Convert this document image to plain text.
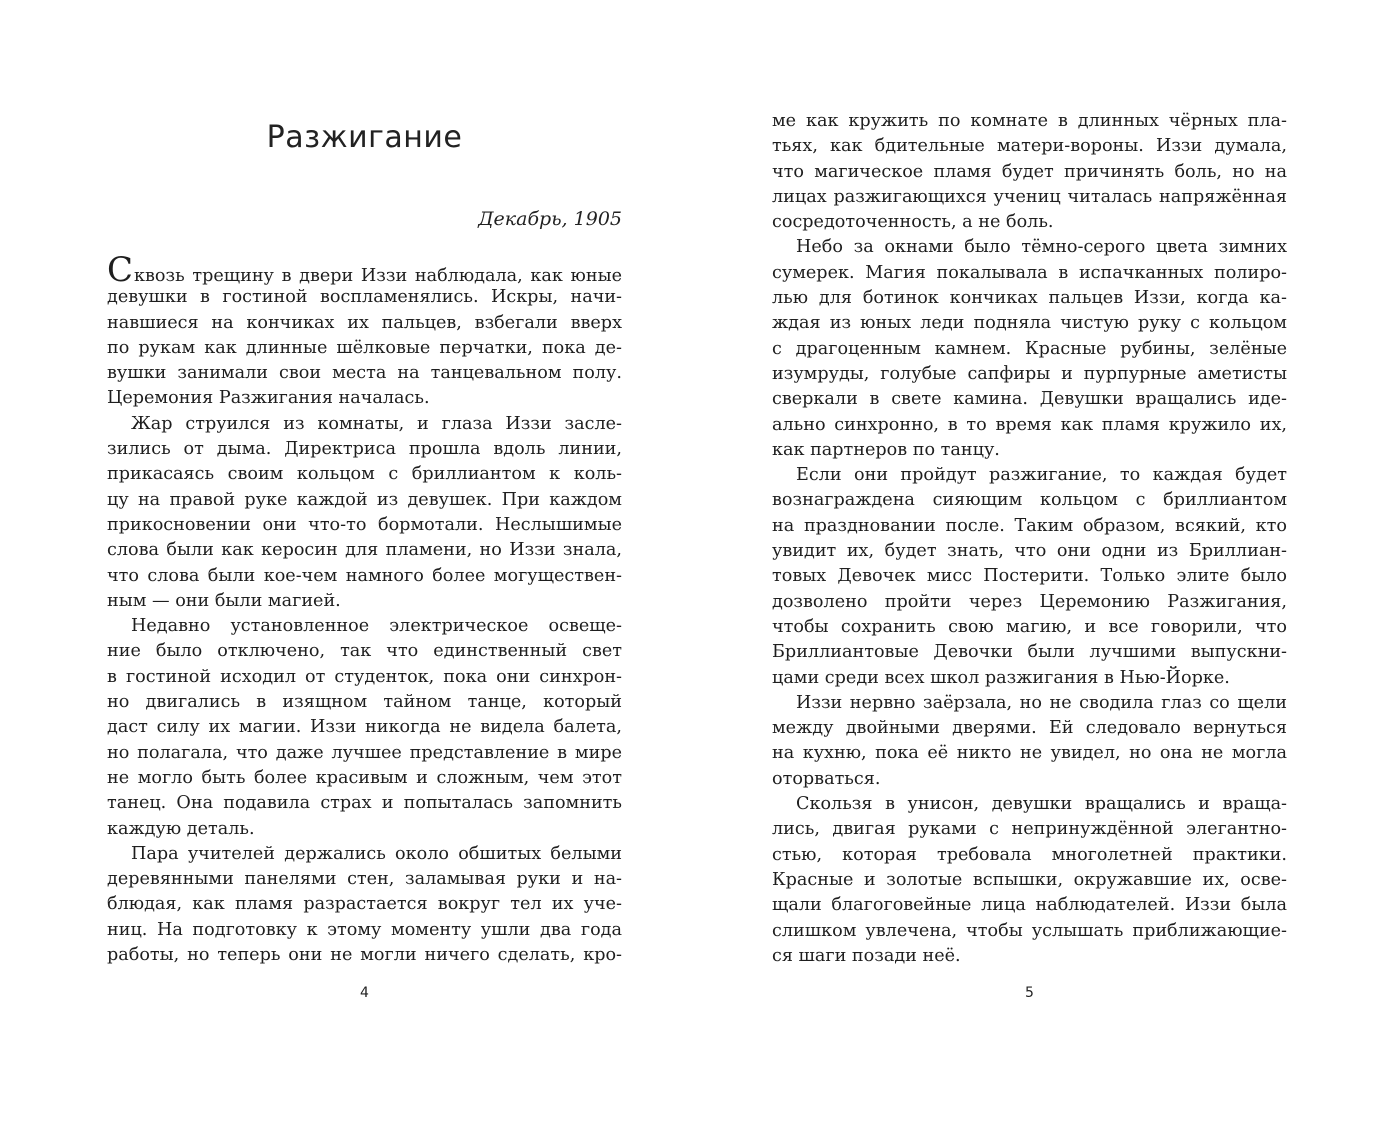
Разжигание
Декабрь, 1905
Сквозь трещину в двери Иззи наблюдала, как юные
девушки в гостиной воспламенялись. Искры, начи-
навшиеся на кончиках их пальцев, взбегали вверх
по рукам как длинные шёлковые перчатки, пока де-
вушки занимали свои места на танцевальном полу.
Церемония Разжигания началась.
Жар струился из комнаты, и глаза Иззи засле-
зились от дыма. Директриса прошла вдоль линии,
прикасаясь своим кольцом с бриллиантом к коль-
цу на правой руке каждой из девушек. При каждом
прикосновении они что-то бормотали. Неслышимые
слова были как керосин для пламени, но Иззи знала,
что слова были кое-чем намного более могуществен-
ным — они были магией.
Недавно установленное электрическое освеще-
ние было отключено, так что единственный свет
в гостиной исходил от студенток, пока они синхрон-
но двигались в изящном тайном танце, который
даст силу их магии. Иззи никогда не видела балета,
но полагала, что даже лучшее представление в мире
не могло быть более красивым и сложным, чем этот
танец. Она подавила страх и попыталась запомнить
каждую деталь.
Пара учителей держались около обшитых белыми
деревянными панелями стен, заламывая руки и на-
блюдая, как пламя разрастается вокруг тел их уче-
ниц. На подготовку к этому моменту ушли два года
работы, но теперь они не могли ничего сделать, кро-
4
ме как кружить по комнате в длинных чёрных пла-
тьях, как бдительные матери-вороны. Иззи думала,
что магическое пламя будет причинять боль, но на
лицах разжигающихся учениц читалась напряжённая
сосредоточенность, а не боль.
Небо за окнами было тёмно-серого цвета зимних
сумерек. Магия покалывала в испачканных полиро-
лью для ботинок кончиках пальцев Иззи, когда ка-
ждая из юных леди подняла чистую руку с кольцом
с драгоценным камнем. Красные рубины, зелёные
изумруды, голубые сапфиры и пурпурные аметисты
сверкали в свете камина. Девушки вращались иде-
ально синхронно, в то время как пламя кружило их,
как партнеров по танцу.
Если они пройдут разжигание, то каждая будет
вознаграждена сияющим кольцом с бриллиантом
на праздновании после. Таким образом, всякий, кто
увидит их, будет знать, что они одни из Бриллиан-
товых Девочек мисс Постерити. Только элите было
дозволено пройти через Церемонию Разжигания,
чтобы сохранить свою магию, и все говорили, что
Бриллиантовые Девочки были лучшими выпускни-
цами среди всех школ разжигания в Нью-Йорке.
Иззи нервно заёрзала, но не сводила глаз со щели
между двойными дверями. Ей следовало вернуться
на кухню, пока её никто не увидел, но она не могла
оторваться.
Скользя в унисон, девушки вращались и враща-
лись, двигая руками с непринуждённой элегантно-
стью, которая требовала многолетней практики.
Красные и золотые вспышки, окружавшие их, осве-
щали благоговейные лица наблюдателей. Иззи была
слишком увлечена, чтобы услышать приближающие-
ся шаги позади неё.
5
